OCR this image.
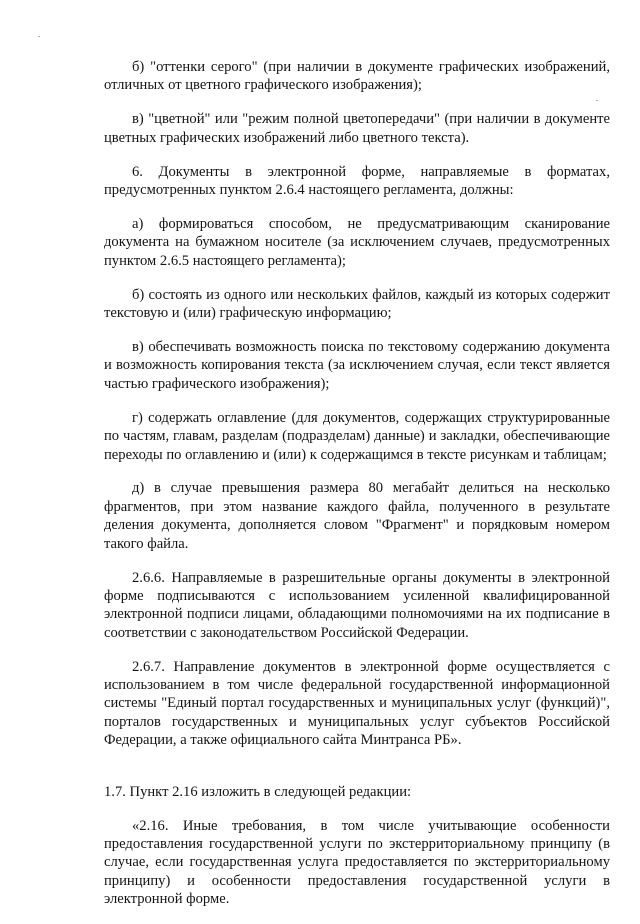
б) "оттенки серого" (при наличии в документе графических изображений, отличных от цветного графического изображения);

в) "цветной" или "режим полной цветопередачи" (при наличии в документе цветных графических изображений либо цветного текста).

6. Документы в электронной форме, направляемые в форматах, предусмотренных пунктом 2.6.4 настоящего регламента, должны:

а) формироваться способом, не предусматривающим сканирование документа на бумажном носителе (за исключением случаев, предусмотренных пунктом 2.6.5 настоящего регламента);

б) состоять из одного или нескольких файлов, каждый из которых содержит текстовую и (или) графическую информацию;

в) обеспечивать возможность поиска по текстовому содержанию документа и возможность копирования текста (за исключением случая, если текст является частью графического изображения);

г) содержать оглавление (для документов, содержащих структурированные по частям, главам, разделам (подразделам) данные) и закладки, обеспечивающие переходы по оглавлению и (или) к содержащимся в тексте рисункам и таблицам;

д) в случае превышения размера 80 мегабайт делиться на несколько фрагментов, при этом название каждого файла, полученного в результате деления документа, дополняется словом "Фрагмент" и порядковым номером такого файла.

2.6.6. Направляемые в разрешительные органы документы в электронной форме подписываются с использованием усиленной квалифицированной электронной подписи лицами, обладающими полномочиями на их подписание в соответствии с законодательством Российской Федерации.

2.6.7. Направление документов в электронной форме осуществляется с использованием в том числе федеральной государственной информационной системы "Единый портал государственных и муниципальных услуг (функций)", порталов государственных и муниципальных услуг субъектов Российской Федерации, а также официального сайта Минтранса РБ».

1.7. Пункт 2.16 изложить в следующей редакции:

«2.16. Иные требования, в том числе учитывающие особенности предоставления государственной услуги по экстерриториальному принципу (в случае, если государственная услуга предоставляется по экстерриториальному принципу) и особенности предоставления государственной услуги в электронной форме.
